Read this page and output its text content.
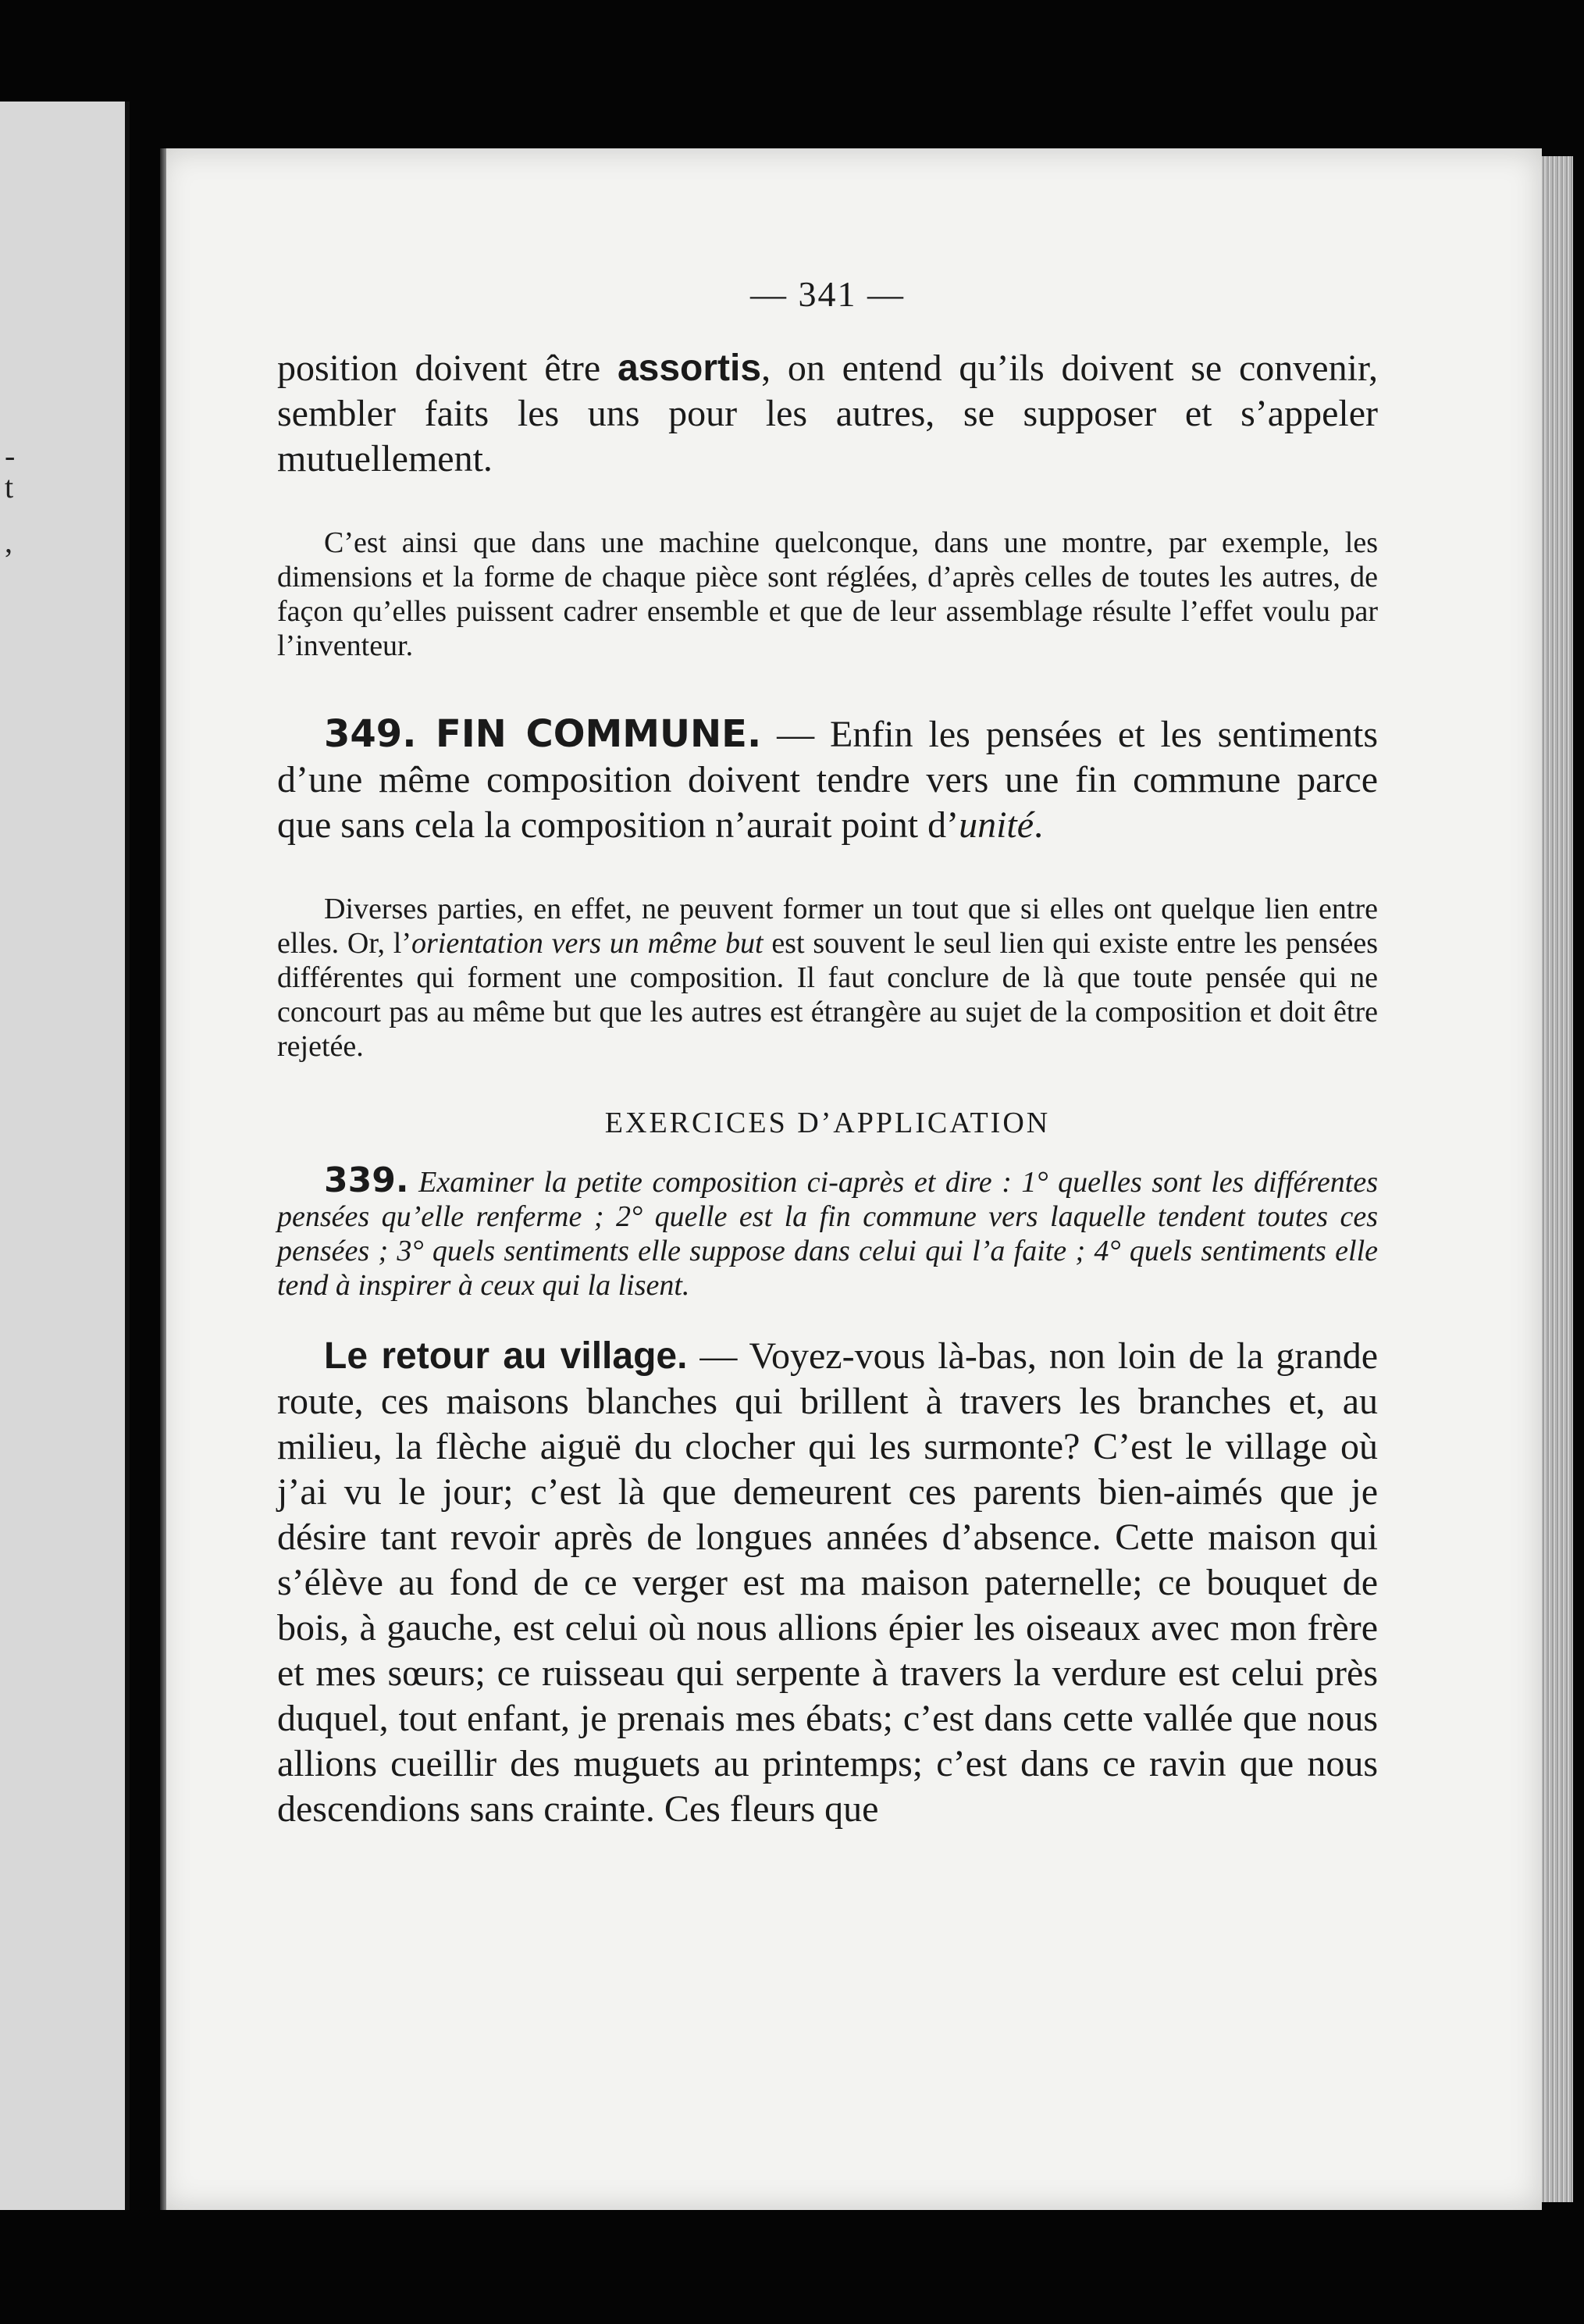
-
t
,
— 341 —

position doivent être assortis, on entend qu’ils doivent se convenir, sembler faits les uns pour les autres, se supposer et s’appeler mutuellement.

C’est ainsi que dans une machine quelconque, dans une montre, par exemple, les dimensions et la forme de chaque pièce sont réglées, d’après celles de toutes les autres, de façon qu’elles puissent cadrer ensemble et que de leur assemblage résulte l’effet voulu par l’inventeur.

349. FIN COMMUNE. — Enfin les pensées et les sentiments d’une même composition doivent tendre vers une fin commune parce que sans cela la composition n’aurait point d’unité.

Diverses parties, en effet, ne peuvent former un tout que si elles ont quelque lien entre elles. Or, l’orientation vers un même but est souvent le seul lien qui existe entre les pensées différentes qui forment une composition. Il faut conclure de là que toute pensée qui ne concourt pas au même but que les autres est étrangère au sujet de la composition et doit être rejetée.

EXERCICES D’APPLICATION

339. Examiner la petite composition ci-après et dire : 1° quelles sont les différentes pensées qu’elle renferme ; 2° quelle est la fin commune vers laquelle tendent toutes ces pensées ; 3° quels sentiments elle suppose dans celui qui l’a faite ; 4° quels sentiments elle tend à inspirer à ceux qui la lisent.

Le retour au village. — Voyez-vous là-bas, non loin de la grande route, ces maisons blanches qui brillent à travers les branches et, au milieu, la flèche aiguë du clocher qui les surmonte? C’est le village où j’ai vu le jour; c’est là que demeurent ces parents bien-aimés que je désire tant revoir après de longues années d’absence. Cette maison qui s’élève au fond de ce verger est ma maison paternelle; ce bouquet de bois, à gauche, est celui où nous allions épier les oiseaux avec mon frère et mes sœurs; ce ruisseau qui serpente à travers la verdure est celui près duquel, tout enfant, je prenais mes ébats; c’est dans cette vallée que nous allions cueillir des muguets au printemps; c’est dans ce ravin que nous descendions sans crainte. Ces fleurs que
